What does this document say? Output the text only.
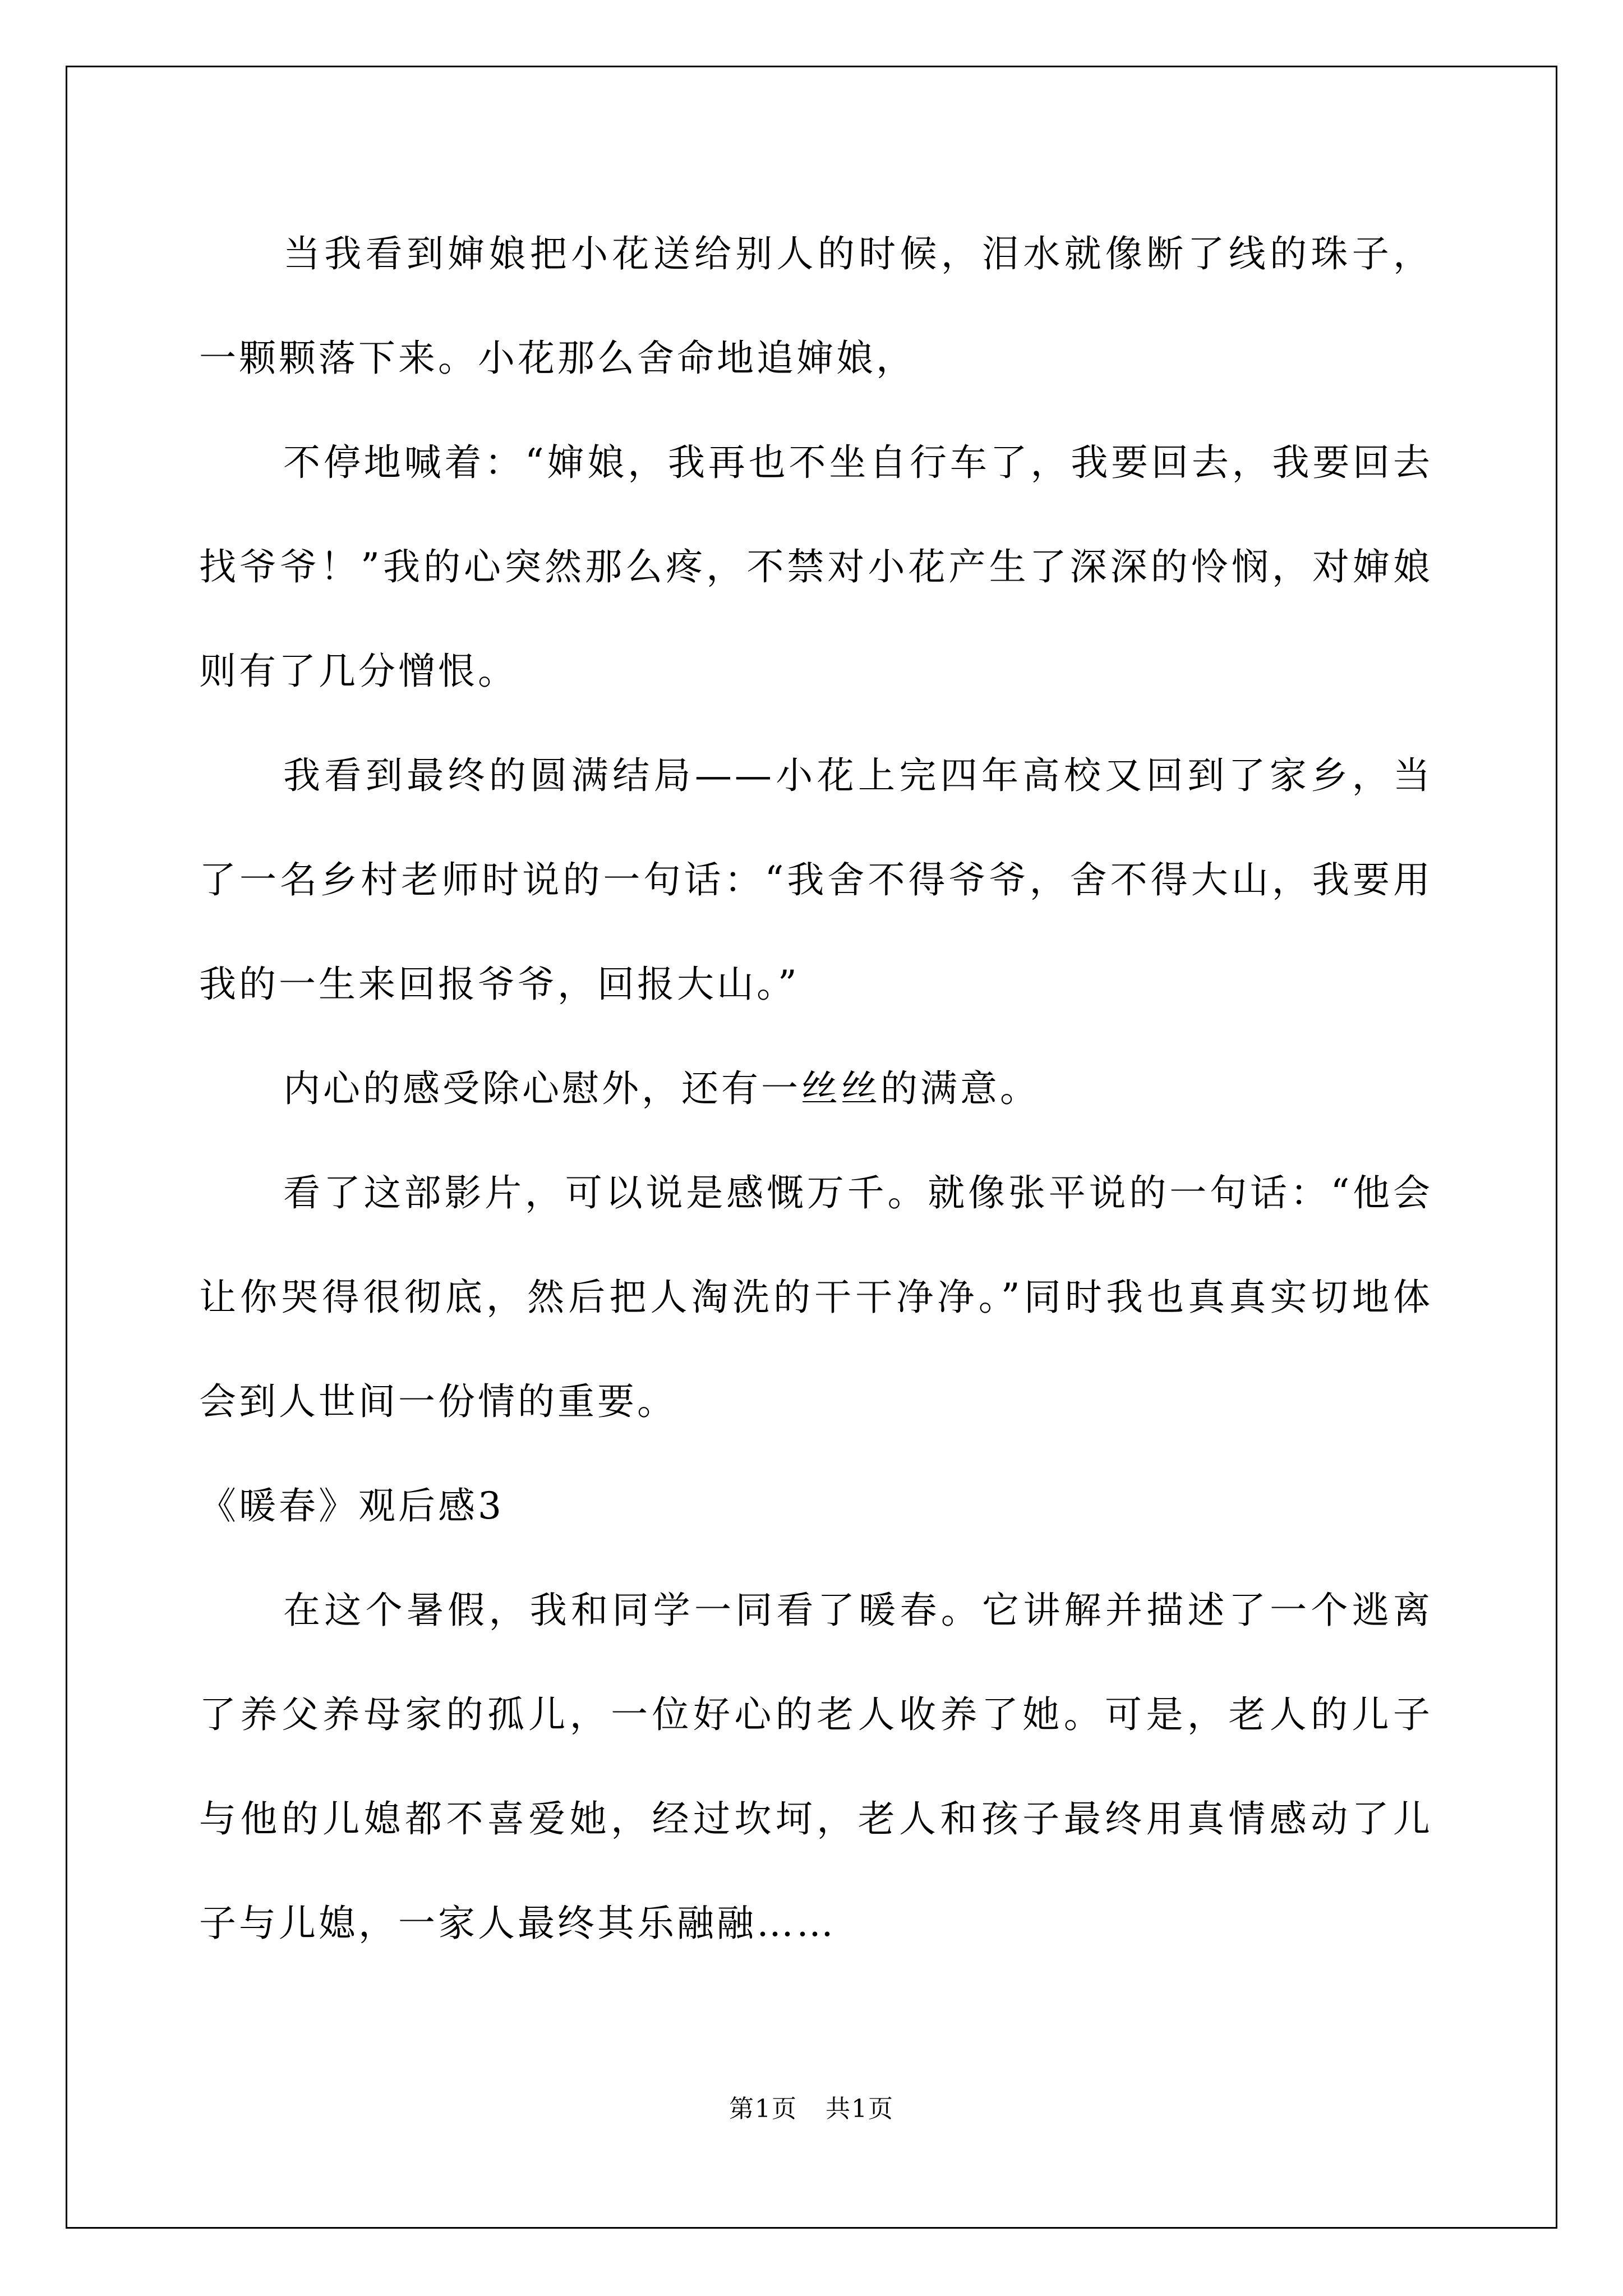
当我看到婶娘把小花送给别人的时候，泪水就像断了线的珠子，一颗颗落下来。小花那么舍命地追婶娘，

不停地喊着：“婶娘，我再也不坐自行车了，我要回去，我要回去找爷爷！”我的心突然那么疼，不禁对小花产生了深深的怜悯，对婶娘则有了几分憎恨。

我看到最终的圆满结局——小花上完四年高校又回到了家乡，当了一名乡村老师时说的一句话：“我舍不得爷爷，舍不得大山，我要用我的一生来回报爷爷，回报大山。”

内心的感受除心慰外，还有一丝丝的满意。

看了这部影片，可以说是感慨万千。就像张平说的一句话：“他会让你哭得很彻底，然后把人淘洗的干干净净。”同时我也真真实切地体会到人世间一份情的重要。

《暖春》观后感3

在这个暑假，我和同学一同看了暖春。它讲解并描述了一个逃离了养父养母家的孤儿，一位好心的老人收养了她。可是，老人的儿子与他的儿媳都不喜爱她，经过坎坷，老人和孩子最终用真情感动了儿子与儿媳，一家人最终其乐融融……

第1页 共1页
